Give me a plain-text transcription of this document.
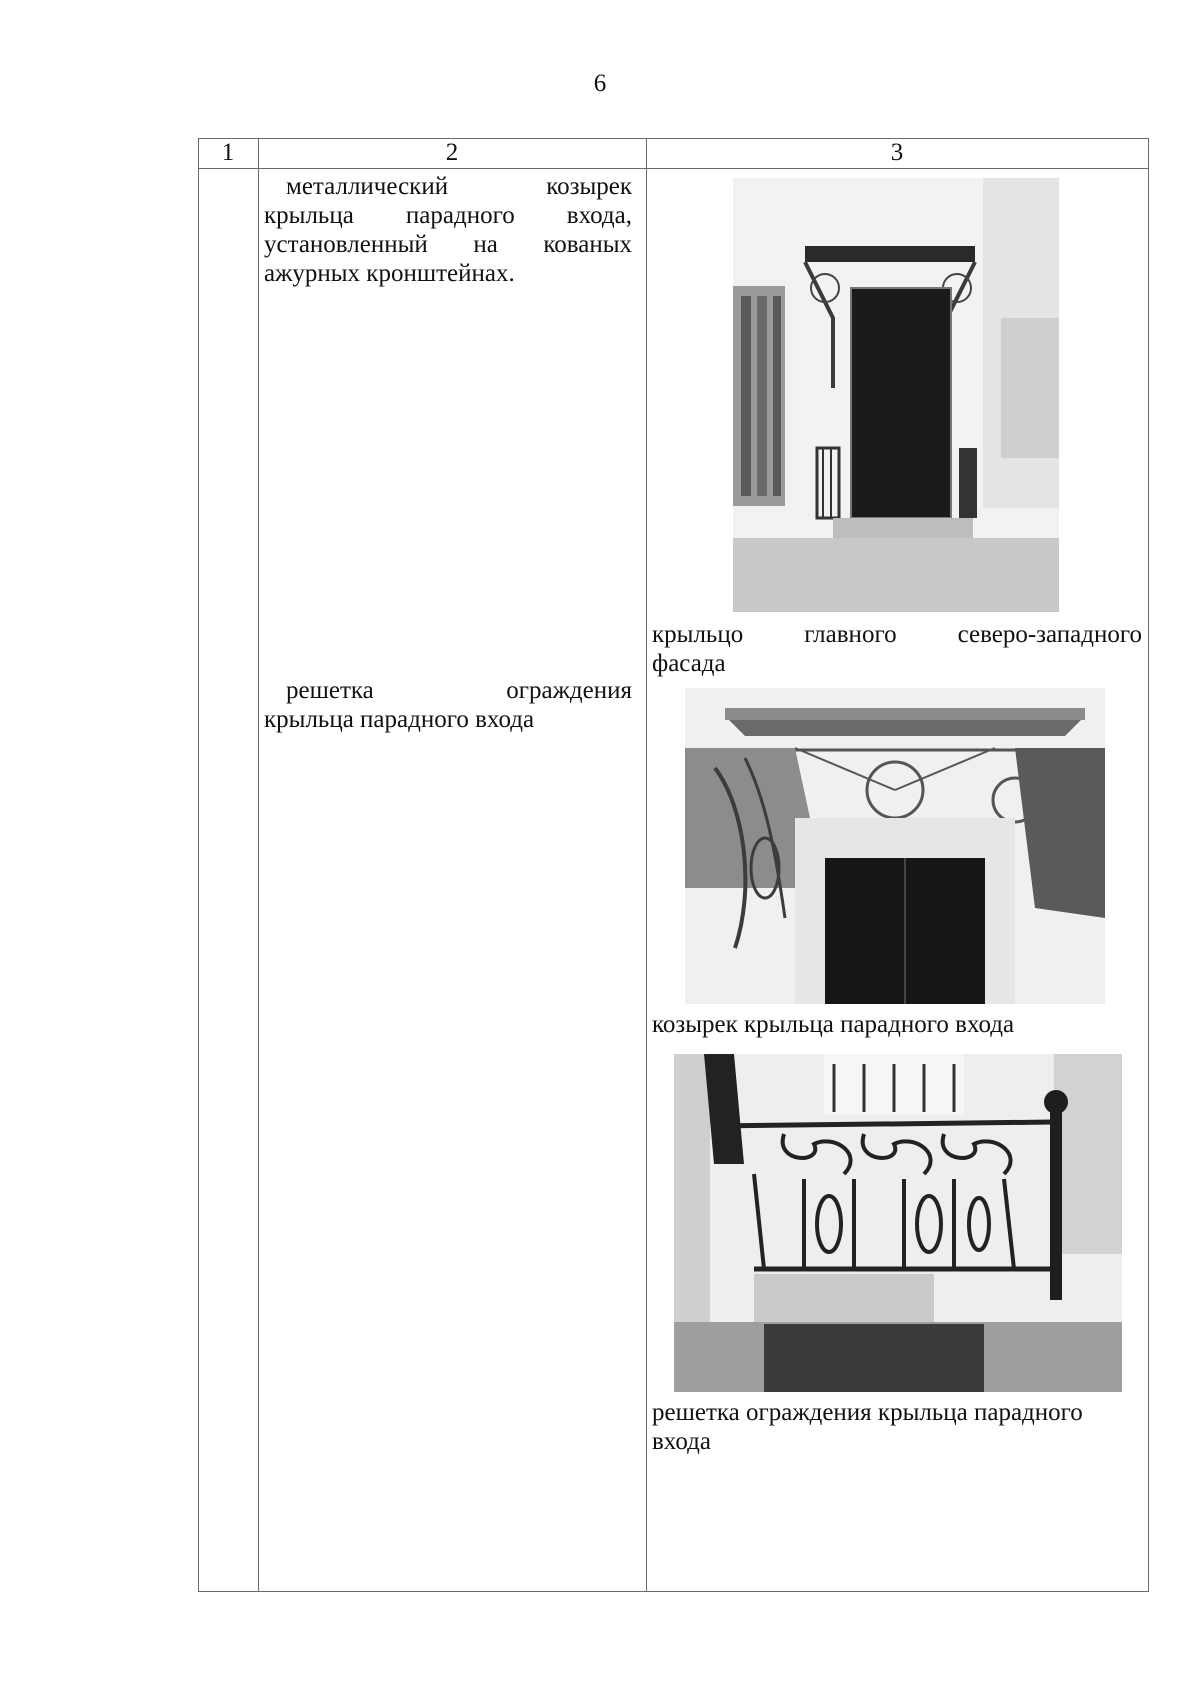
6
1	2	3
металлический козырек
крыльца парадного входа,
установленный на кованых
ажурных кронштейнах.
решетка ограждения
крыльца парадного входа
крыльцо главного северо-западного
фасада
козырек крыльца парадного входа
решетка ограждения крыльца парадного
входа
